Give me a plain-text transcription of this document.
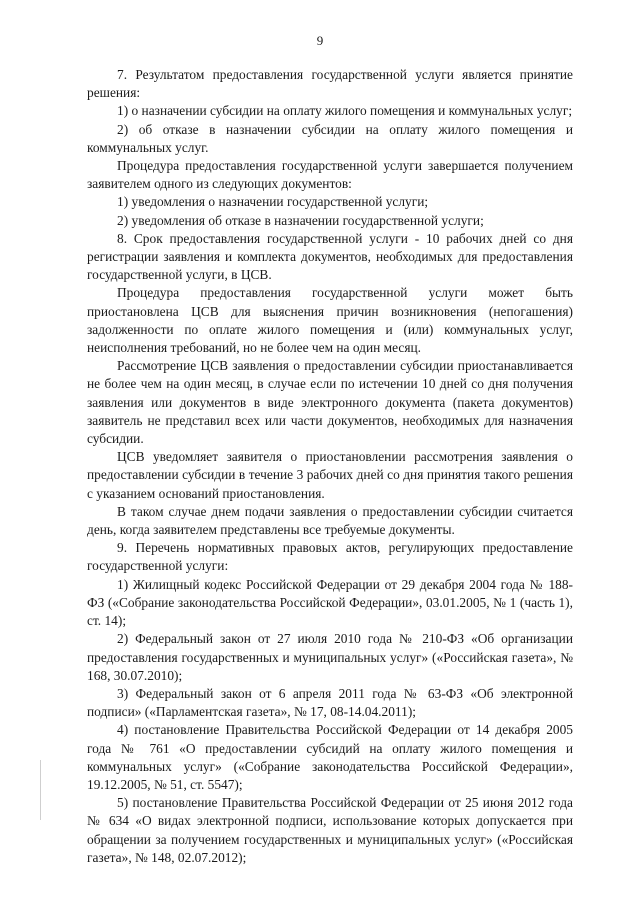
9

7. Результатом предоставления государственной услуги является принятие решения:

1) о назначении субсидии на оплату жилого помещения и коммунальных услуг;

2) об отказе в назначении субсидии на оплату жилого помещения и коммунальных услуг.

Процедура предоставления государственной услуги завершается получением заявителем одного из следующих документов:

1) уведомления о назначении государственной услуги;

2) уведомления об отказе в назначении государственной услуги;

8. Срок предоставления государственной услуги - 10 рабочих дней со дня регистрации заявления и комплекта документов, необходимых для предоставления государственной услуги, в ЦСВ.

Процедура предоставления государственной услуги может быть приостановлена ЦСВ для выяснения причин возникновения (непогашения) задолженности по оплате жилого помещения и (или) коммунальных услуг, неисполнения требований, но не более чем на один месяц.

Рассмотрение ЦСВ заявления о предоставлении субсидии приостанавливается не более чем на один месяц, в случае если по истечении 10 дней со дня получения заявления или документов в виде электронного документа (пакета документов) заявитель не представил всех или части документов, необходимых для назначения субсидии.

ЦСВ уведомляет заявителя о приостановлении рассмотрения заявления о предоставлении субсидии в течение 3 рабочих дней со дня принятия такого решения с указанием оснований приостановления.

В таком случае днем подачи заявления о предоставлении субсидии считается день, когда заявителем представлены все требуемые документы.

9. Перечень нормативных правовых актов, регулирующих предоставление государственной услуги:

1) Жилищный кодекс Российской Федерации от 29 декабря 2004 года № 188-ФЗ («Собрание законодательства Российской Федерации», 03.01.2005, № 1 (часть 1), ст. 14);

2) Федеральный закон от 27 июля 2010 года № 210-ФЗ «Об организации предоставления государственных и муниципальных услуг» («Российская газета», № 168, 30.07.2010);

3) Федеральный закон от 6 апреля 2011 года № 63-ФЗ «Об электронной подписи» («Парламентская газета», № 17, 08-14.04.2011);

4) постановление Правительства Российской Федерации от 14 декабря 2005 года № 761 «О предоставлении субсидий на оплату жилого помещения и коммунальных услуг» («Собрание законодательства Российской Федерации», 19.12.2005, № 51, ст. 5547);

5) постановление Правительства Российской Федерации от 25 июня 2012 года № 634 «О видах электронной подписи, использование которых допускается при обращении за получением государственных и муниципальных услуг» («Российская газета», № 148, 02.07.2012);
